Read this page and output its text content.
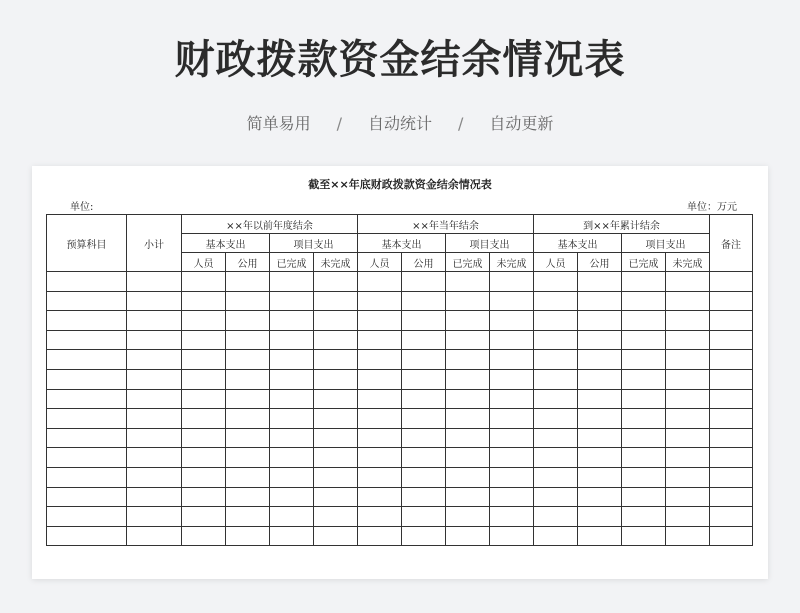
财政拨款资金结余情况表
简单易用 / 自动统计 / 自动更新
截至××年底财政拨款资金结余情况表
单位:	单位：万元
预算科目	小计	××年以前年度结余				××年当年结余				到××年累计结余				备注
		基本支出		项目支出		基本支出		项目支出		基本支出		项目支出		
		人员	公用	已完成	未完成	人员	公用	已完成	未完成	人员	公用	已完成	未完成	
